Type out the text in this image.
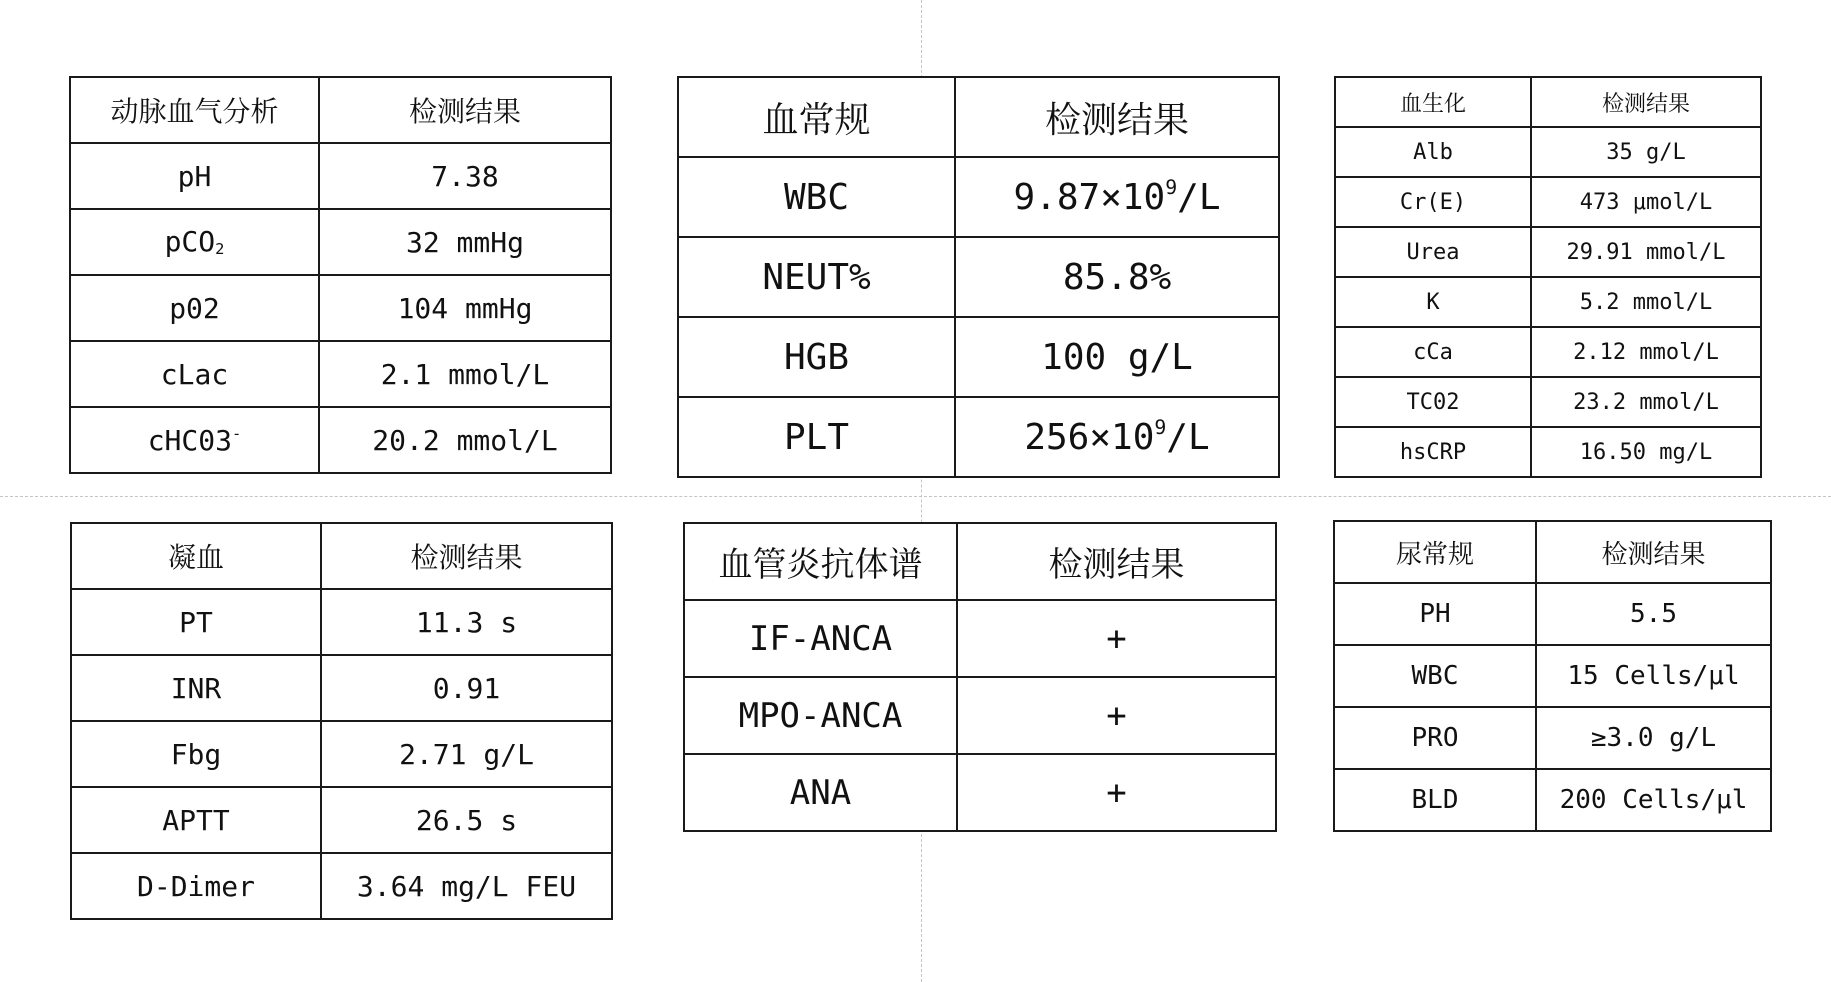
动脉血气分析	检测结果
pH	7.38
pCO$_2$	32 mmHg
p02	104 mmHg
cLac	2.1 mmol/L
cHC03-	20.2 mmol/L
血常规	检测结果
WBC	$9.87\times 10^9/L$
NEUT%	85.8%
HGB	100 g/L
PLT	$256\times 10^9/L$
血生化	检测结果
Alb	35 g/L
Cr(E)	473 μmol/L
Urea	29.91 mmol/L
K	5.2 mmol/L
cCa	2.12 mmol/L
TC02	23.2 mmol/L
hsCRP	16.50 mg/L
凝血	检测结果
PT	11.3 s
INR	0.91
Fbg	2.71 g/L
APTT	26.5 s
D-Dimer	3.64 mg/L FEU
血管炎抗体谱	检测结果
IF-ANCA	+
MPO-ANCA	+
ANA	+
尿常规	检测结果
PH	5.5
WBC	15 Cells/μl
PRO	≥3.0 g/L
BLD	200 Cells/μl
